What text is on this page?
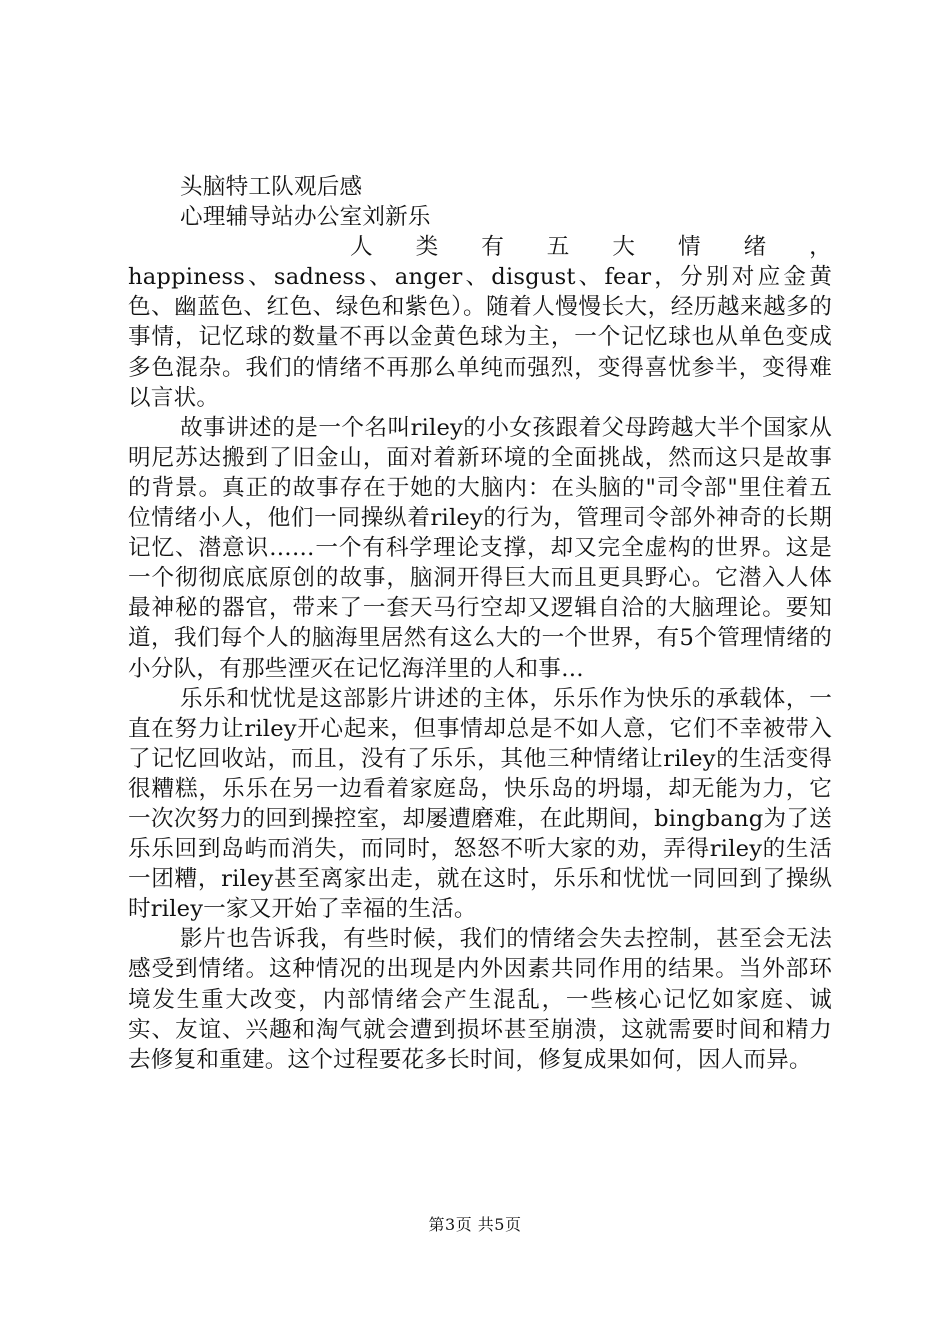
头脑特工队观后感
心理辅导站办公室刘新乐
人 类 有 五 大 情 绪 ，

happiness、sadness、anger、disgust、fear，分别对应金黄色、幽蓝色、红色、绿色和紫色）。随着人慢慢长大，经历越来越多的事情，记忆球的数量不再以金黄色球为主，一个记忆球也从单色变成多色混杂。我们的情绪不再那么单纯而强烈，变得喜忧参半，变得难以言状。

故事讲述的是一个名叫riley的小女孩跟着父母跨越大半个国家从明尼苏达搬到了旧金山，面对着新环境的全面挑战，然而这只是故事的背景。真正的故事存在于她的大脑内：在头脑的"司令部"里住着五位情绪小人，他们一同操纵着riley的行为，管理司令部外神奇的长期记忆、潜意识……一个有科学理论支撑，却又完全虚构的世界。这是一个彻彻底底原创的故事，脑洞开得巨大而且更具野心。它潜入人体最神秘的器官，带来了一套天马行空却又逻辑自洽的大脑理论。要知道，我们每个人的脑海里居然有这么大的一个世界，有5个管理情绪的小分队，有那些湮灭在记忆海洋里的人和事…

乐乐和忧忧是这部影片讲述的主体，乐乐作为快乐的承载体，一直在努力让riley开心起来，但事情却总是不如人意，它们不幸被带入了记忆回收站，而且，没有了乐乐，其他三种情绪让riley的生活变得很糟糕，乐乐在另一边看着家庭岛，快乐岛的坍塌，却无能为力，它一次次努力的回到操控室，却屡遭磨难，在此期间，bingbang为了送乐乐回到岛屿而消失，而同时，怒怒不听大家的劝，弄得riley的生活一团糟，riley甚至离家出走，就在这时，乐乐和忧忧一同回到了操纵时riley一家又开始了幸福的生活。

影片也告诉我，有些时候，我们的情绪会失去控制，甚至会无法感受到情绪。这种情况的出现是内外因素共同作用的结果。当外部环境发生重大改变，内部情绪会产生混乱，一些核心记忆如家庭、诚实、友谊、兴趣和淘气就会遭到损坏甚至崩溃，这就需要时间和精力去修复和重建。这个过程要花多长时间，修复成果如何，因人而异。

第3页 共5页
